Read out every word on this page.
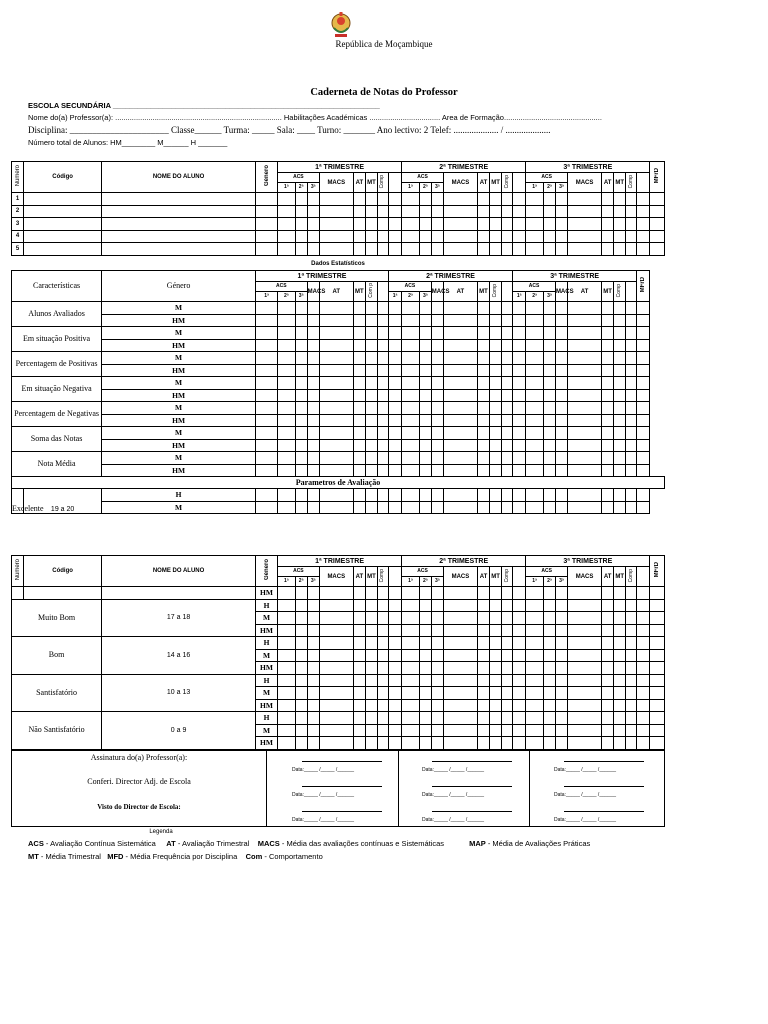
República de Moçambique
Caderneta de Notas do Professor
ESCOLA SECUNDÁRIA ________________________________________________________________
Nome do(a) Professor(a): ................................................................................ Habilitações Académicas .................................. Area de Formação...............................................
Disciplina: ______________________ Classe______ Turma: _____ Sala: ____ Turno: _______ Ano lectivo: 2 Telef: .................... / ....................
Número total de Alunos: HM________ M______ H _______
Número	Código	NOME DO ALUNO	Género	1ª TRIMESTRE								2ª TRIMESTRE								3ª TRIMESTRE								MFrD
				ACS			MACS	AT	MT	Comp		ACS			MACS	AT	MT	Comp		ACS			MACS	AT	MT	Comp		
				1ª	2ª	3ª						1ª	2ª	3ª						1ª	2ª	3ª						
1																												
2																												
3																												
4																												
5																												
Dados Estatísticos
Características		Género	1ª TRIMESTRE								2ª TRIMESTRE								3ª TRIMESTRE								MFrD
			ACS			MACS	AT	MT	Com p		ACS			MACS	AT	MT	Comp		ACS			MACS	AT	MT	Comp		
			1ª	2ª	3ª						1ª	2ª	3ª						1ª	2ª	3ª						
Alunos Avaliados		M																									
		HM																									
Em situação Positiva		M																									
		HM																									
Percentagem de Positivas		M																									
		HM																									
Em situação Negativa		M																									
		HM																									
Percentagem de Negativas		M																									
		HM																									
Soma das Notas		M																									
		HM																									
Nota Média		M																									
		HM																									
Parametros de Avaliação																											
Excelente	19 a 20	H																									
		M																									
Número	Código	NOME DO ALUNO	Género	1ª TRIMESTRE								2ª TRIMESTRE								3ª TRIMESTRE								MFrD
				ACS			MACS	AT	MT	Comp		ACS			MACS	AT	MT	Comp		ACS			MACS	AT	MT	Comp		
				1ª	2ª	3ª						1ª	2ª	3ª						1ª	2ª	3ª						
			HM																									
Muito Bom		17 a 18	H																									
			M																									
			HM																									
Bom		14 a 16	H																									
			M																									
			HM																									
Santisfatório		10 a 13	H																									
			M																									
			HM																									
Não Santisfatório		0 a 9	H																									
			M																									
			HM																									
Assinatura do(a) Professor(a):
Conferi. Director Adj. de Escola
Visto do Director de Escola:
Data:_____ /_____ /______
Data:_____ /_____ /______
Data:_____ /_____ /______
Data:_____ /_____ /______
Data:_____ /_____ /______
Data:_____ /_____ /______
Data:_____ /_____ /______
Data:_____ /_____ /______
Data:_____ /_____ /______
Legenda
ACS - Avaliação Contínua Sistemática AT - Avaliação Trimestral MACS - Média das avaliações contínuas e Sistemáticas	MAP - Média de Avaliações Práticas
MT - Média Trimestral MFD - Média Frequência por Disciplina Com - Comportamento
